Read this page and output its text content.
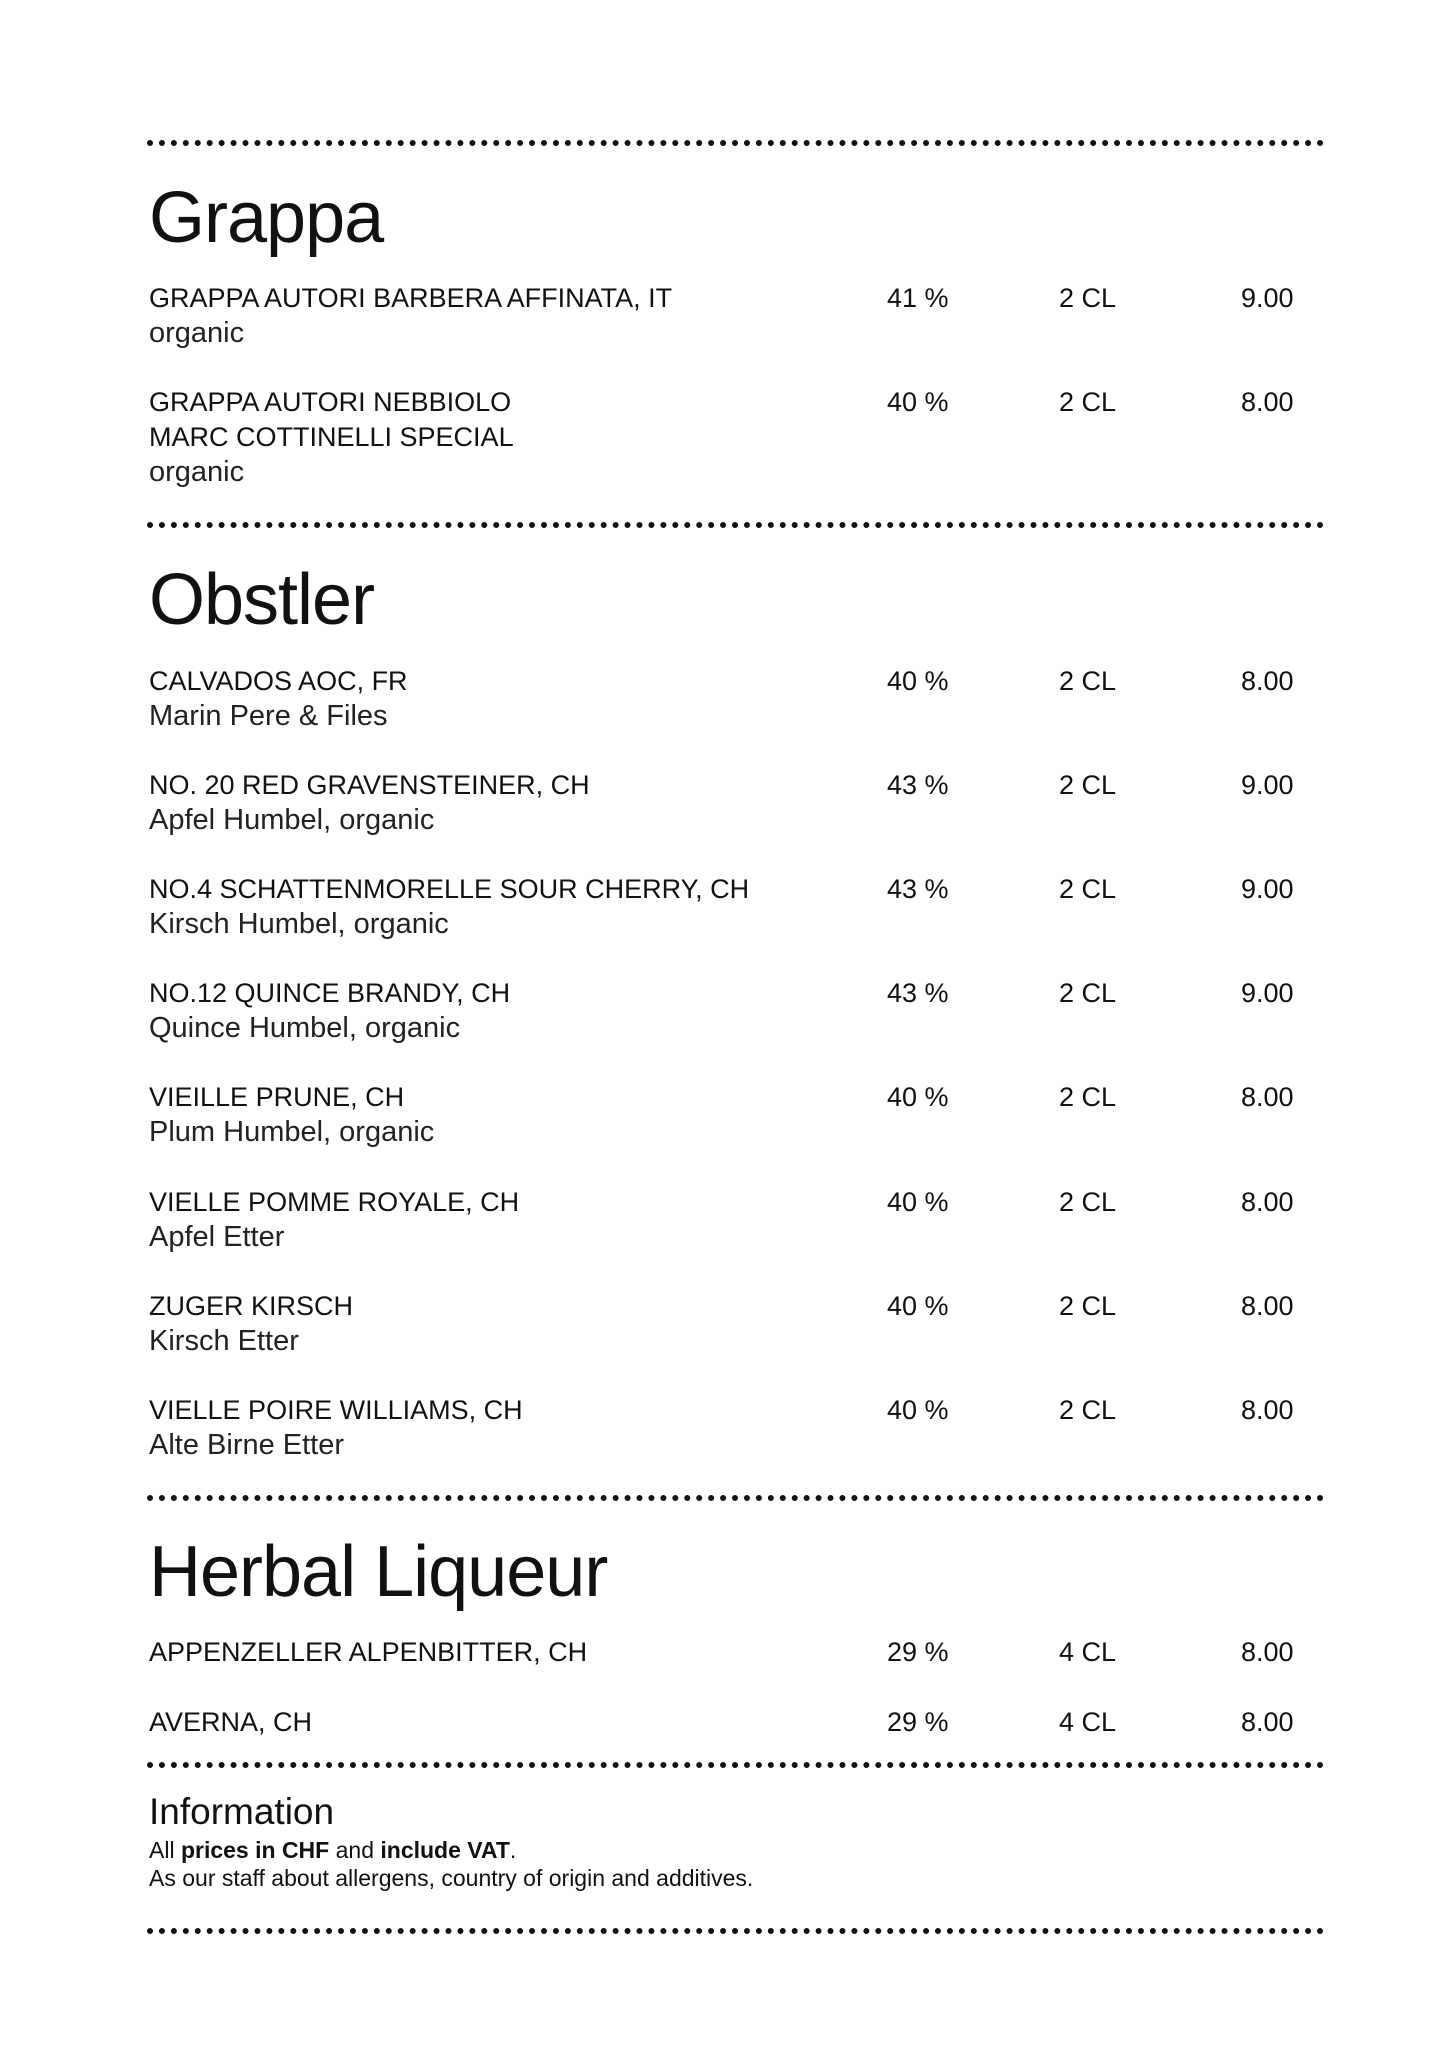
Grappa
GRAPPA AUTORI BARBERA AFFINATA, IT
organic
41 %	2 CL	9.00
GRAPPA AUTORI NEBBIOLO
MARC COTTINELLI SPECIAL
organic
40 %	2 CL	8.00
Obstler
CALVADOS AOC, FR
Marin Pere & Files
40 %	2 CL	8.00
NO. 20 RED GRAVENSTEINER, CH
Apfel Humbel, organic
43 %	2 CL	9.00
NO.4 SCHATTENMORELLE SOUR CHERRY, CH
Kirsch Humbel, organic
43 %	2 CL	9.00
NO.12 QUINCE BRANDY, CH
Quince Humbel, organic
43 %	2 CL	9.00
VIEILLE PRUNE, CH
Plum Humbel, organic
40 %	2 CL	8.00
VIELLE POMME ROYALE, CH
Apfel Etter
40 %	2 CL	8.00
ZUGER KIRSCH
Kirsch Etter
40 %	2 CL	8.00
VIELLE POIRE WILLIAMS, CH
Alte Birne Etter
40 %	2 CL	8.00
Herbal Liqueur
APPENZELLER ALPENBITTER, CH	29 %	4 CL	8.00
AVERNA, CH	29 %	4 CL	8.00
Information
All prices in CHF and include VAT.
As our staff about allergens, country of origin and additives.
